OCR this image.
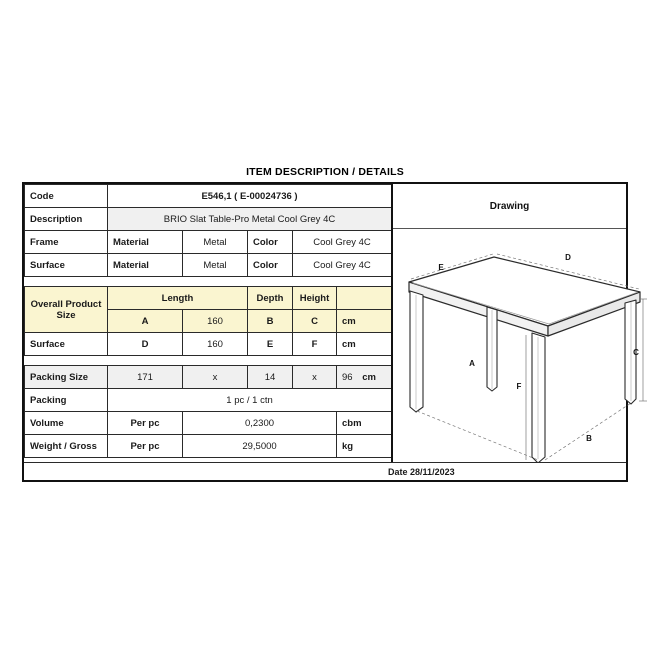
ITEM DESCRIPTION / DETAILS
Code	E546,1 ( E-00024736 )				
Description	BRIO Slat Table-Pro Metal Cool Grey 4C				
Frame	Material	Metal	Color	Cool Grey 4C	
Surface	Material	Metal	Color	Cool Grey 4C	

Overall Product
Size	Length		Depth	Height	
	A	160	B	C	cm
Surface	D	160	E	F	cm

Packing Size	171	x	14	x	96 cm
Packing	1 pc / 1 ctn				
Volume	Per pc	0,2300			cbm
Weight / Gross	Per pc	29,5000			kg
Drawing
A
B
C
D
E
F
Date 28/11/2023
